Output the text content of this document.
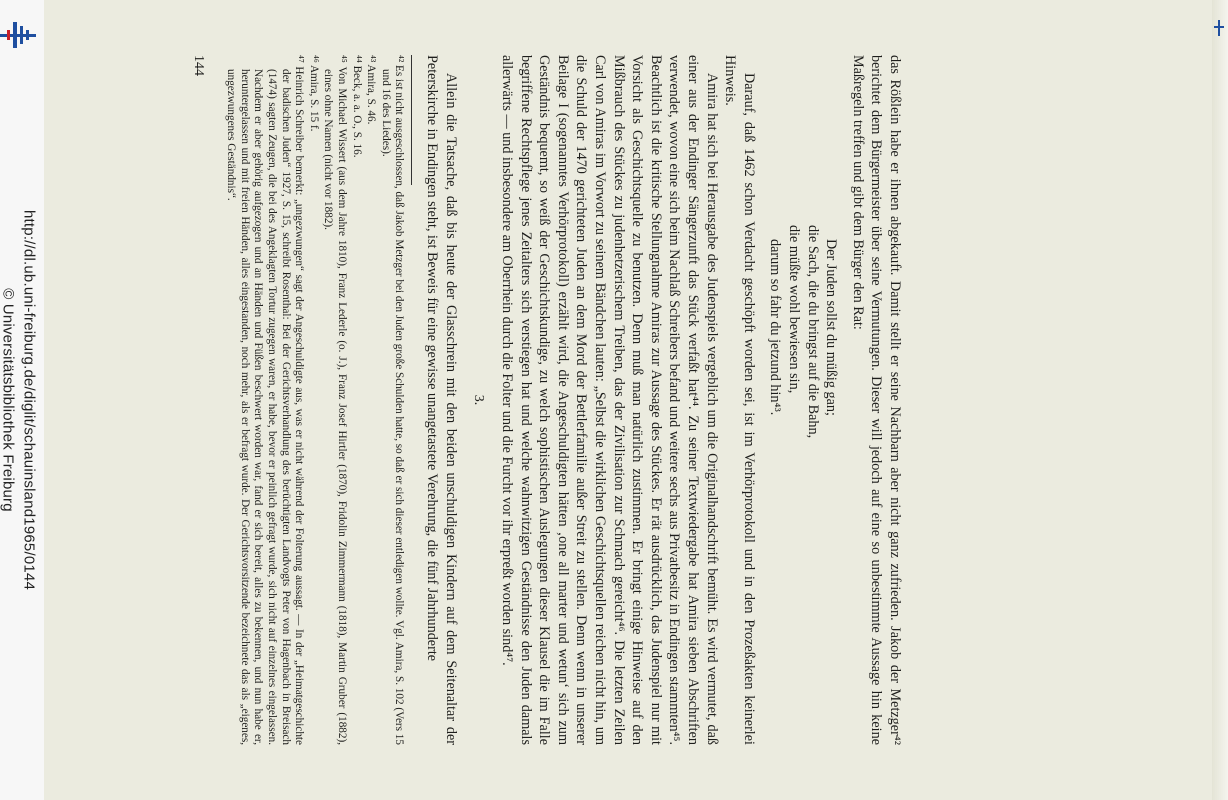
http://dl.ub.uni-freiburg.de/diglit/schauinsland1965/0144
© Universitätsbibliothek Freiburg	das Rößlein habe er ihnen abgekauft. Damit stellt er seine Nachbarn aber nicht ganz zufrieden. Jakob der Metzger⁴² berichtet dem Bürgermeister über seine Vermutungen. Dieser will jedoch auf eine so unbestimmte Aussage hin keine Maßregeln treffen und gibt dem Bürger den Rat:

Der Juden sollst du müßig gan;
die Sach, die du bringst auf die Bahn,
die müßte wohl bewiesen sin,
darum so fahr du jetzund hin⁴³.

Darauf, daß 1462 schon Verdacht geschöpft worden sei, ist im Verhörprotokoll und in den Prozeßakten keinerlei Hinweis.

Amira hat sich bei Herausgabe des Judenspiels vergeblich um die Originalhandschrift bemüht. Es wird vermutet, daß einer aus der Endinger Sängerzunft das Stück verfaßt hat⁴⁴. Zu seiner Textwiedergabe hat Amira sieben Abschriften verwendet, wovon eine sich beim Nachlaß Schreibers befand und weitere sechs aus Privatbesitz in Endingen stammten⁴⁵. Beachtlich ist die kritische Stellungnahme Amiras zur Aussage des Stückes. Er rät ausdrücklich, das Judenspiel nur mit Vorsicht als Geschichtsquelle zu benutzen. Denn muß man natürlich zustimmen. Er bringt einige Hinweise auf den Mißbrauch des Stückes zu judenhetzerischem Treiben, das der Zivilisation zur Schmach gereicht⁴⁶. Die letzten Zeilen Carl von Amiras im Vorwort zu seinem Bändchen lauten: „Selbst die wirklichen Geschichtsquellen reichen nicht hin, um die Schuld der 1470 gerichteten Juden an dem Mord der Bettlerfamilie außer Streit zu stellen. Denn wenn in unserer Beilage I (sogenanntes Verhörprotokoll) erzählt wird, die Angeschuldigten hätten ‚one all marter und wetun‘ sich zum Geständnis bequemt, so weiß der Geschichtskundige, zu welch sophistischen Auslegungen dieser Klausel die im Falle begriffene Rechtspflege jenes Zeitalters sich verstiegen hat und welche wahnwitzigen Geständnisse den Juden damals allerwärts — und insbesondere am Oberrhein durch die Folter und die Furcht vor ihr erpreßt worden sind⁴⁷.

3.

Allein die Tatsache, daß bis heute der Glasschrein mit den beiden unschuldigen Kindern auf dem Seitenaltar der Peterskirche in Endingen steht, ist Beweis für eine gewisse unangetastete Verehrung, die fünf Jahrhunderte

⁴² Es ist nicht ausgeschlossen, daß Jakob Metzger bei den Juden große Schulden hatte, so daß er sich dieser entledigen wollte. Vgl. Amira, S. 102 (Vers 15 und 16 des Liedes).
⁴³ Amira, S. 46.
⁴⁴ Beck, a. a. O., S. 16.
⁴⁵ Von Michael Wissert (aus dem Jahre 1810), Franz Lederle (o. J.), Franz Josef Hirtler (1870), Fridolin Zimmermann (1818), Martin Gruber (1882), eines ohne Namen (nicht vor 1882).
⁴⁶ Amira, S. 15 f.
⁴⁷ Heinrich Schreiber bemerkt: „ungezwungen“ sagt der Angeschuldigte aus, was er nicht während der Folterung aussagt. — In der „Heimatgeschichte der badischen Juden“ 1927, S. 15, schreibt Rosenthal: Bei der Gerichtsverhandlung des berüchtigten Landvogts Peter von Hagenbach in Breisach (1474) sagten Zeugen, die bei des Angeklagten Tortur zugegen waren, er habe, bevor er peinlich gefragt wurde, sich nicht auf einzelnes eingelassen. Nachdem er aber gehörig aufgezogen und an Händen und Füßen beschwert worden war, fand er sich bereit, alles zu bekennen, und nun habe er, heruntergelassen und mit freien Händen, alles eingestanden, noch mehr, als er befragt wurde. Der Gerichtsvorsitzende bezeichnete das als „eigenes, ungezwungenes Geständnis“.
144
